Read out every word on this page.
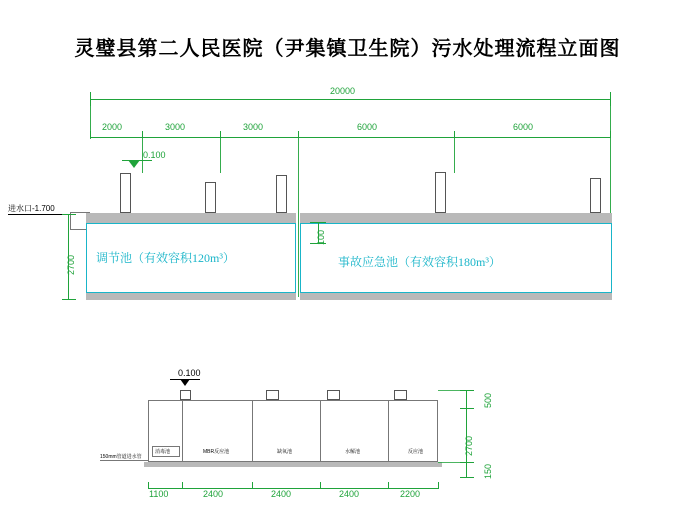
灵璧县第二人民医院（尹集镇卫生院）污水处理流程立面图
20000
2000	3000	3000	6000	6000
0.100
进水口-1.700
调节池（有效容积120m³）	事故应急池（有效容积180m³）
2700
100
0.100
消毒池	MBR反应池	缺氧池	水解池	反应池
150mm管道进水管
1100	2400	2400	2400	2200
500
2700
150
